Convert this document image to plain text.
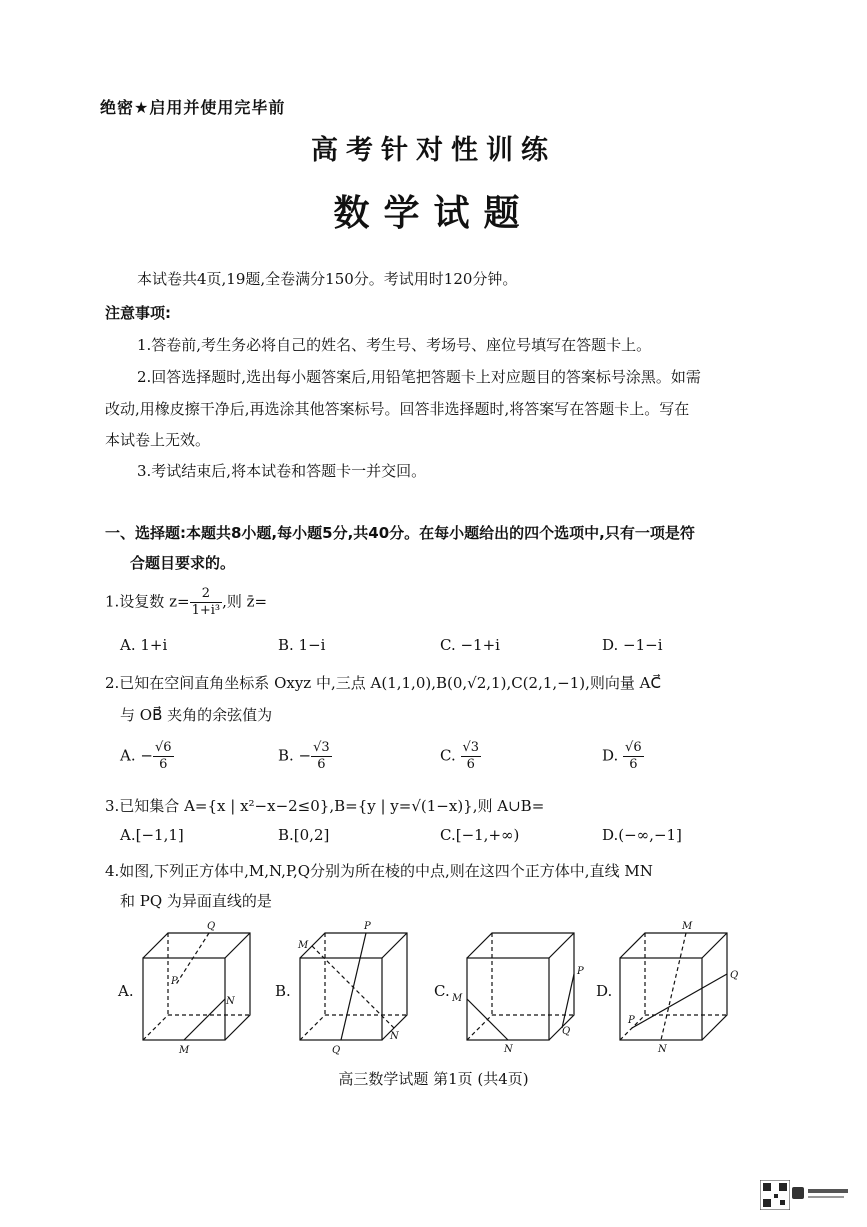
绝密★启用并使用完毕前
高考针对性训练
数学试题
本试卷共4页,19题,全卷满分150分。考试用时120分钟。
注意事项:
1.答卷前,考生务必将自己的姓名、考生号、考场号、座位号填写在答题卡上。
2.回答选择题时,选出每小题答案后,用铅笔把答题卡上对应题目的答案标号涂黑。如需
改动,用橡皮擦干净后,再选涂其他答案标号。回答非选择题时,将答案写在答题卡上。写在
本试卷上无效。
3.考试结束后,将本试卷和答题卡一并交回。
一、选择题:本题共8小题,每小题5分,共40分。在每小题给出的四个选项中,只有一项是符
合题目要求的。
1.设复数 $z= \frac{2}{\text{1+i³}}$ ,则 z̄=
A. 1+i	B. 1−i	C. −1+i	D. −1−i
2.已知在空间直角坐标系 Oxyz 中,三点 A(1,1,0),B(0,√2,1),C(2,1,−1),则向量 AC⃗
与 OB⃗ 夹角的余弦值为
A. − $\frac{√6}{6}$	B. − $\frac{√3}{6}$	C. $\frac{√3}{6}$	D. $\frac{√6}{6}$
3.已知集合 A={x | x²−x−2≤0},B={y | y=√(1−x)},则 A∪B=
A.[−1,1]	B.[0,2]	C.[−1,+∞)	D.(−∞,−1]
4.如图,下列正方体中,M,N,P,Q分别为所在棱的中点,则在这四个正方体中,直线 MN
和 PQ 为异面直线的是
A.
Q
P
N
M
B.
P
M
N
Q
C. M
P
Q
N
D.
M
Q
P
N
高三数学试题 第1页 (共4页)
